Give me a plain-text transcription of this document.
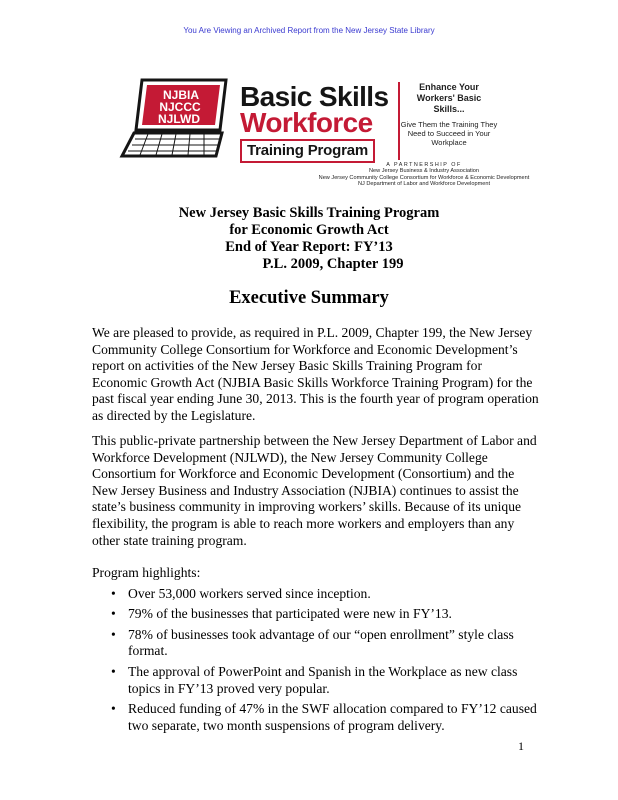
You Are Viewing an Archived Report from the New Jersey State Library
NJBIA
NJCCC
NJLWD
Basic Skills
Workforce
Training Program
Enhance Your Workers' Basic Skills...
Give Them the Training They Need to Succeed in Your Workplace
A PARTNERSHIP OF
New Jersey Business & Industry Association
New Jersey Community College Consortium for Workforce & Economic Development
NJ Department of Labor and Workforce Development
New Jersey Basic Skills Training Program
for Economic Growth Act
End of Year Report: FY’13
P.L. 2009, Chapter 199
Executive Summary
We are pleased to provide, as required in P.L. 2009, Chapter 199, the New Jersey Community College Consortium for Workforce and Economic Development’s report on activities of the New Jersey Basic Skills Training Program for Economic Growth Act (NJBIA Basic Skills Workforce Training Program) for the past fiscal year ending June 30, 2013. This is the fourth year of program operation as directed by the Legislature.
This public-private partnership between the New Jersey Department of Labor and Workforce Development (NJLWD), the New Jersey Community College Consortium for Workforce and Economic Development (Consortium) and the New Jersey Business and Industry Association (NJBIA) continues to assist the state’s business community in improving workers’ skills. Because of its unique flexibility, the program is able to reach more workers and employers than any other state training program.
Program highlights:
• Over 53,000 workers served since inception.
• 79% of the businesses that participated were new in FY’13.
• 78% of businesses took advantage of our “open enrollment” style class format.
• The approval of PowerPoint and Spanish in the Workplace as new class topics in FY’13 proved very popular.
• Reduced funding of 47% in the SWF allocation compared to FY’12 caused two separate, two month suspensions of program delivery.
1
